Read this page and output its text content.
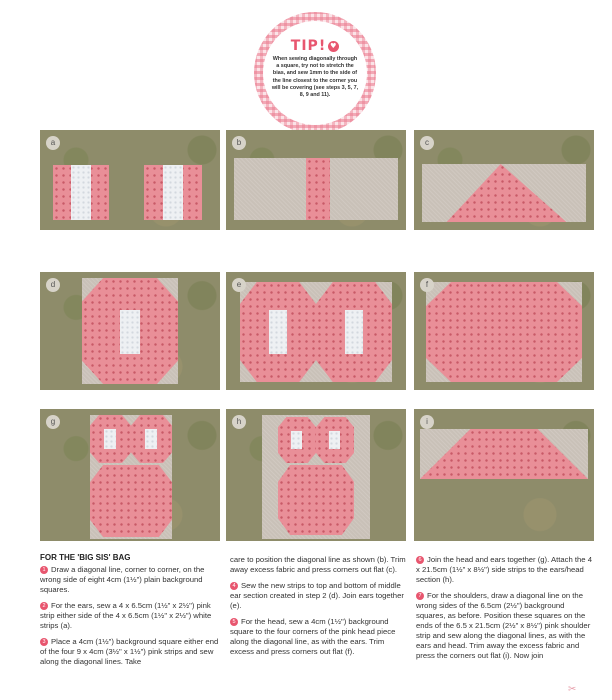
TIP! ♥
When sewing diagonally through a square, try not to stretch the bias, and sew 1mm to the side of the line closest to the corner you will be covering (see steps 3, 5, 7, 8, 9 and 11).
a	b	c
d	e	f
g	h	i
FOR THE 'BIG SIS' BAG

1 Draw a diagonal line, corner to corner, on the wrong side of eight 4cm (1½") plain background squares.

2 For the ears, sew a 4 x 6.5cm (1½" x 2½") pink strip either side of the 4 x 6.5cm (1½" x 2½") white strips (a).

3 Place a 4cm (1½") background square either end of the four 9 x 4cm (3½" x 1½") pink strips and sew along the diagonal lines. Take

care to position the diagonal line as shown (b). Trim away excess fabric and press corners out flat (c).

4 Sew the new strips to top and bottom of middle ear section created in step 2 (d). Join ears together (e).

5 For the head, sew a 4cm (1½") background square to the four corners of the pink head piece along the diagonal line, as with the ears. Trim excess and press corners out flat (f).

6 Join the head and ears together (g). Attach the 4 x 21.5cm (1½" x 8½") side strips to the ears/head section (h).

7 For the shoulders, draw a diagonal line on the wrong sides of the 6.5cm (2½") background squares, as before. Position these squares on the ends of the 6.5 x 21.5cm (2½" x 8½") pink shoulder strip and sew along the diagonal lines, as with the ears and head. Trim away the excess fabric and press the corners out flat (i). Now join

✂
